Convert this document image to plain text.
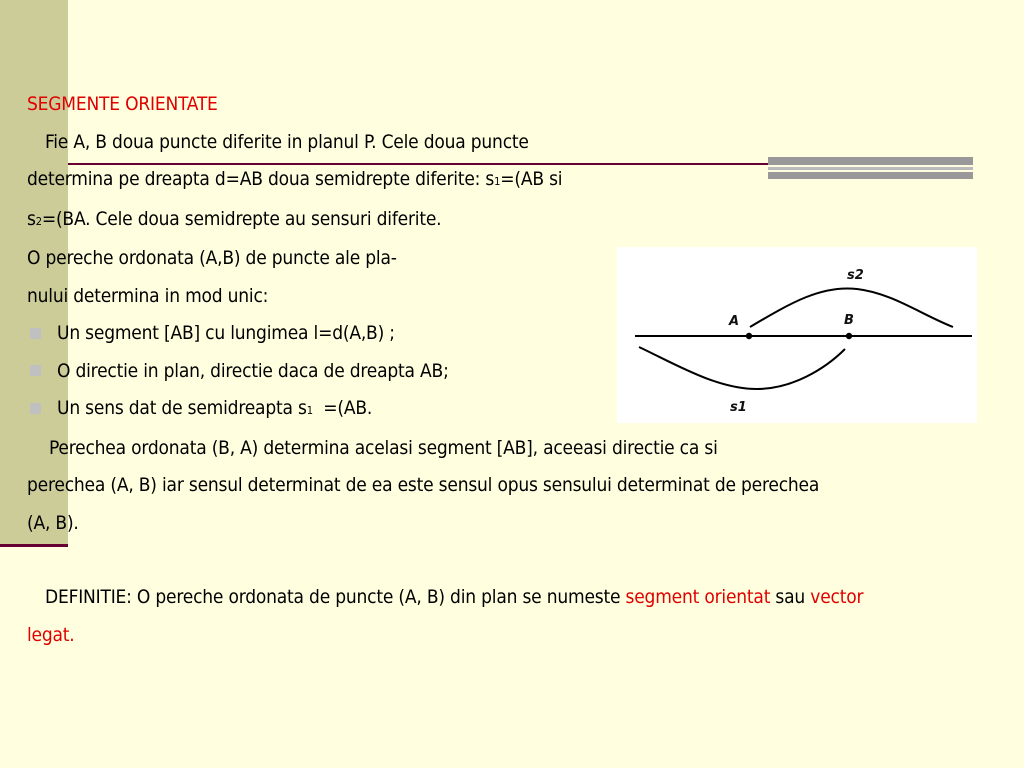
SEGMENTE ORIENTATE

Fie A, B doua puncte diferite in planul P. Cele doua puncte

determina pe dreapta d=AB doua semidrepte diferite: s1=(AB si

s2=(BA. Cele doua semidrepte au sensuri diferite.

O pereche ordonata (A,B) de puncte ale pla-

nului determina in mod unic:

Un segment [AB] cu lungimea l=d(A,B) ;

O directie in plan, directie daca de dreapta AB;

Un sens dat de semidreapta s1 =(AB.

Perechea ordonata (B, A) determina acelasi segment [AB], aceeasi directie ca si

perechea (A, B) iar sensul determinat de ea este sensul opus sensului determinat de perechea

(A, B).

DEFINITIE: O pereche ordonata de puncte (A, B) din plan se numeste segment orientat sau vector

legat.

A	B
s2
s1
